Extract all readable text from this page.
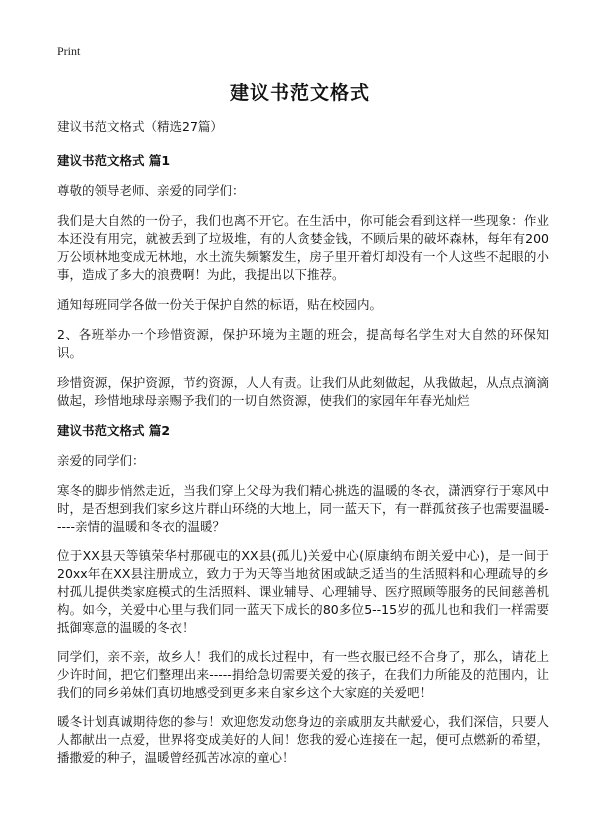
Print
建议书范文格式
建议书范文格式（精选27篇）
建议书范文格式 篇1

尊敬的领导老师、亲爱的同学们：

我们是大自然的一份子，我们也离不开它。在生活中，你可能会看到这样一些现象：作业本还没有用完，就被丢到了垃圾堆，有的人贪婪金钱，不顾后果的破坏森林，每年有200万公顷林地变成无林地，水土流失频繁发生，房子里开着灯却没有一个人这些不起眼的小事，造成了多大的浪费啊！为此，我提出以下推荐。

通知每班同学各做一份关于保护自然的标语，贴在校园内。

2、各班举办一个珍惜资源，保护环境为主题的班会，提高每名学生对大自然的环保知识。

珍惜资源，保护资源，节约资源，人人有责。让我们从此刻做起，从我做起，从点点滴滴做起，珍惜地球母亲赐予我们的一切自然资源，使我们的家园年年春光灿烂

建议书范文格式 篇2

亲爱的同学们：

寒冬的脚步悄然走近，当我们穿上父母为我们精心挑选的温暖的冬衣，潇洒穿行于寒风中时，是否想到我们家乡这片群山环绕的大地上，同一蓝天下，有一群孤贫孩子也需要温暖-----亲情的温暖和冬衣的温暖？

位于XX县天等镇荣华村那砚屯的XX县(孤儿)关爱中心(原康纳布朗关爱中心)，是一间于20xx年在XX县注册成立，致力于为天等当地贫困或缺乏适当的生活照料和心理疏导的乡村孤儿提供类家庭模式的生活照料、课业辅导、心理辅导、医疗照顾等服务的民间慈善机构。如今，关爱中心里与我们同一蓝天下成长的80多位5--15岁的孤儿也和我们一样需要抵御寒意的温暖的冬衣！

同学们，亲不亲，故乡人！我们的成长过程中，有一些衣服已经不合身了，那么，请花上少许时间，把它们整理出来-----捐给急切需要关爱的孩子，在我们力所能及的范围内，让我们的同乡弟妹们真切地感受到更多来自家乡这个大家庭的关爱吧！

暖冬计划真诚期待您的参与！欢迎您发动您身边的亲戚朋友共献爱心，我们深信，只要人人都献出一点爱，世界将变成美好的人间！您我的爱心连接在一起，便可点燃新的希望，播撒爱的种子，温暖曾经孤苦冰凉的童心！
